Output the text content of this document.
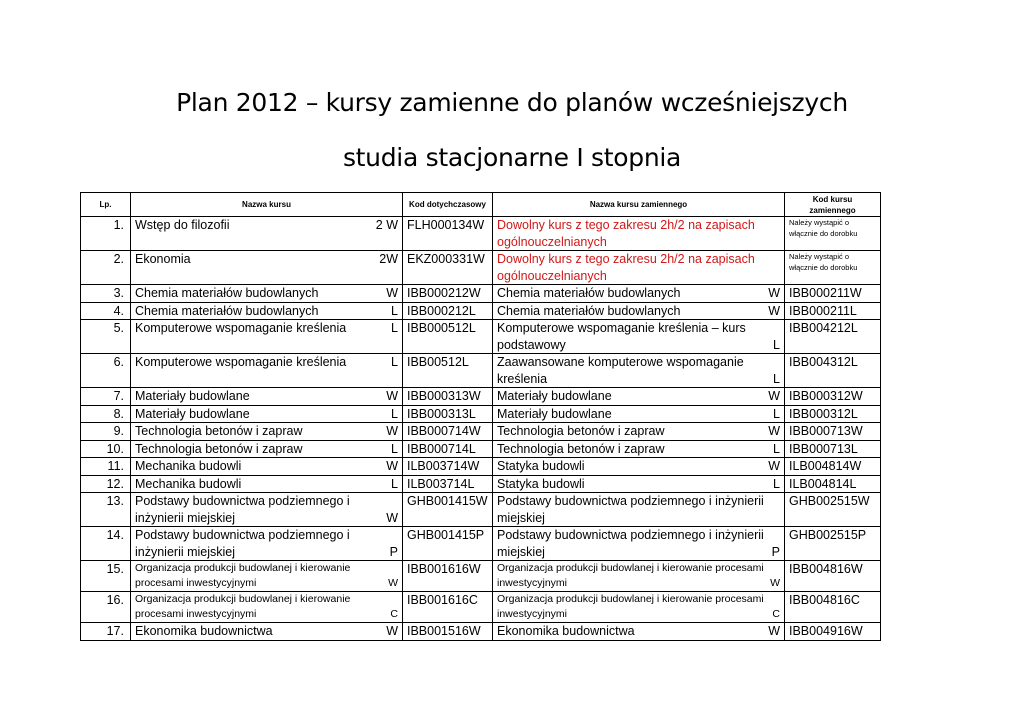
Plan 2012 – kursy zamienne do planów wcześniejszych
studia stacjonarne I stopnia
Lp.	Nazwa kursu	Kod dotychczasowy	Nazwa kursu zamiennego	Kod kursu zamiennego
1.	Wstęp do filozofii 2 W	FLH000134W	Dowolny kurs z tego zakresu 2h/2 na zapisach ogólnouczelnianych	Należy wystąpić o włącznie do dorobku
2.	Ekonomia 2W	EKZ000331W	Dowolny kurs z tego zakresu 2h/2 na zapisach ogólnouczelnianych	Należy wystąpić o włącznie do dorobku
3.	Chemia materiałów budowlanych W	IBB000212W	Chemia materiałów budowlanych W	IBB000211W
4.	Chemia materiałów budowlanych L	IBB000212L	Chemia materiałów budowlanych W	IBB000211L
5.	Komputerowe wspomaganie kreślenia L	IBB000512L	Komputerowe wspomaganie kreślenia – kurs podstawowy L	IBB004212L
6.	Komputerowe wspomaganie kreślenia L	IBB00512L	Zaawansowane komputerowe wspomaganie kreślenia L	IBB004312L
7.	Materiały budowlane W	IBB000313W	Materiały budowlane W	IBB000312W
8.	Materiały budowlane L	IBB000313L	Materiały budowlane L	IBB000312L
9.	Technologia betonów i zapraw W	IBB000714W	Technologia betonów i zapraw W	IBB000713W
10.	Technologia betonów i zapraw L	IBB000714L	Technologia betonów i zapraw L	IBB000713L
11.	Mechanika budowli W	ILB003714W	Statyka budowli W	ILB004814W
12.	Mechanika budowli L	ILB003714L	Statyka budowli L	ILB004814L
13.	Podstawy budownictwa podziemnego i inżynierii miejskiej W	GHB001415W	Podstawy budownictwa podziemnego i inżynierii miejskiej	GHB002515W
14.	Podstawy budownictwa podziemnego i inżynierii miejskiej P	GHB001415P	Podstawy budownictwa podziemnego i inżynierii miejskiej P	GHB002515P
15.	Organizacja produkcji budowlanej i kierowanie procesami inwestycyjnymi W	IBB001616W	Organizacja produkcji budowlanej i kierowanie procesami inwestycyjnymi W	IBB004816W
16.	Organizacja produkcji budowlanej i kierowanie procesami inwestycyjnymi C	IBB001616C	Organizacja produkcji budowlanej i kierowanie procesami inwestycyjnymi C	IBB004816C
17.	Ekonomika budownictwa W	IBB001516W	Ekonomika budownictwa W	IBB004916W
